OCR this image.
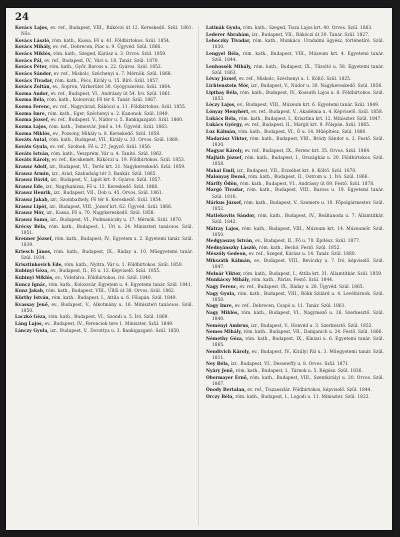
24

Kovács Lajos, ev. ref., Budapest, VIII., Rákóczi út 12. Kereskedő. Szül. 1861. Nős.

Kovács László, róm. kath., Kassa, Fő u. 41. Földbirtokos. Szül. 1854.

Kovács Mihály, ev. ref., Debrecen, Piac u. 9. Ügyvéd. Szül. 1866.

Kovács Miklós, róm. kath., Szeged, Kárász u. 3. Orvos. Szül. 1859.

Kovács Pál, ev. ref., Budapest, IV., Váci u. 18. Tanár. Szül. 1870.

Kovács Péter, róm. kath., Győr, Baross u. 22. Gyáros. Szül. 1852.

Kovács Sándor, ev. ref., Miskolc, Széchenyi u. 7. Mérnök. Szül. 1868.

Kovács Tivadar, róm. kath., Pécs, Király u. 15. Bíró. Szül. 1857.

Kovács Zoltán, ev., Sopron, Várkerület 30. Gyógyszerész. Szül. 1864.

Kozma Andor, ev. ref., Budapest, VI., Andrássy út 54. Író. Szül. 1861.

Kozma Béla, róm. kath., Kolozsvár, Fő tér 6. Tanár. Szül. 1867.

Kozma Ferenc, ev. ref., Nagyvárad, Rákóczi u. 11. Földbirtokos. Szül. 1855.

Kozma Imre, róm. kath., Eger, Széchenyi u. 2. Kanonok. Szül. 1849.

Kozma József, ev. ref., Budapest, V., Nádor u. 5. Bankigazgató. Szül. 1860.

Kozma Lajos, róm. kath., Temesvár, Jenő u. 14. Ügyvéd. Szül. 1863.

Kozma Miklós, ev., Pozsony, Mihály u. 8. Kereskedő. Szül. 1858.

Kováts Antal, róm. kath., Budapest, VII., Király u. 33. Orvos. Szül. 1869.

Kováts Gyula, ev. ref., Szolnok, Fő u. 27. Jegyző. Szül. 1856.

Kováts István, róm. kath., Veszprém, Vár u. 4. Tanító. Szül. 1862.

Kováts Károly, ev. ref., Kecskemét, Rákóczi u. 19. Földbirtokos. Szül. 1853.

Krausz Adolf, izr., Budapest, VI., Teréz krt. 21. Nagykereskedő. Szül. 1859.

Krausz Ármin, izr., Arad, Szabadság tér 3. Bankár. Szül. 1865.

Krausz Dávid, izr., Budapest, V., Lipót krt. 9. Gyáros. Szül. 1857.

Krausz Ede, izr., Nagykanizsa, Fő u. 12. Kereskedő. Szül. 1868.

Krausz Henrik, izr., Budapest, VII., Dob u. 45. Orvos. Szül. 1861.

Krausz Jakab, izr., Szombathely, Fő tér 8. Kereskedő. Szül. 1854.

Krausz Lipót, izr., Budapest, VIII., József krt. 62. Ügyvéd. Szül. 1866.

Krausz Mór, izr., Kassa, Fő u. 70. Nagykereskedő. Szül. 1858.

Krausz Samu, izr., Budapest, VI., Podmaniczky u. 17. Mérnök. Szül. 1870.

Krécsy Béla, róm. kath., Budapest, I., Úri u. 24. Miniszteri tanácsos. Szül. 1851.

Krenner József, róm. kath., Budapest, IV., Egyetem u. 2. Egyetemi tanár. Szül. 1839.

Kriesch János, róm. kath., Budapest, IX., Ráday u. 10. Műegyetemi tanár. Szül. 1834.

Krisztinkovich Ede, róm. kath., Nyitra, Vár u. 1. Földbirtokos. Szül. 1850.

Kubinyi Géza, ev., Budapest, II., Fő u. 13. Képviselő. Szül. 1855.

Kubinyi Miklós, ev., Videfalva. Földbirtokos, író. Szül. 1840.

Kuncz Ignác, róm. kath., Kolozsvár, Egyetem u. 4. Egyetemi tanár. Szül. 1841.

Kunz Jakab, róm. kath., Budapest, VIII., Üllői út 38. Orvos. Szül. 1862.

Kürthy István, róm. kath., Budapest, I., Attila u. 6. Főispán. Szül. 1849.

Kvassay Jenő, ev., Budapest, V., Alkotmány u. 16. Miniszteri tanácsos. Szül. 1850.

Laczkó Géza, róm. kath., Budapest, VI., Szondi u. 5. Író. Szül. 1869.

Láng Lajos, ev., Budapest, IV., Ferenciek tere 1. Miniszter. Szül. 1849.

Lánczy Gyula, izr., Budapest, V., Dorottya u. 3. Bankigazgató. Szül. 1850.

Latinák Gyula, róm. kath., Szeged, Tisza Lajos krt. 40. Orvos. Szül. 1863.

Lederer Ábrahám, izr., Budapest, VII., Rákóczi út 30. Tanár. Szül. 1827.

Lehoczky Tivadar, róm. kath., Munkács. Uradalmi ügyész, történetíró. Szül. 1830.

Lengyel Béla, róm. kath., Budapest, VIII., Múzeum krt. 4. Egyetemi tanár. Szül. 1844.

Lenhossék Mihály, róm. kath., Budapest, IX., Tűzoltó u. 58. Egyetemi tanár. Szül. 1863.

Lévay József, ev. ref., Miskolc, Széchenyi u. 1. Költő. Szül. 1825.

Lichtenstein Mór, izr., Budapest, V., Nádor u. 30. Nagykereskedő. Szül. 1856.

Lipthay Béla, róm. kath., Budapest, IV., Kossuth Lajos u. 8. Földbirtokos. Szül. 1853.

Lóczy Lajos, ev., Budapest, VIII., Múzeum krt. 6. Egyetemi tanár. Szül. 1849.

Lónyay Menyhért, ev. ref., Budapest, V., Akadémia u. 4. Képviselő. Szül. 1858.

Lukács Béla, róm. kath., Budapest, I., Krisztina krt. 12. Miniszter. Szül. 1847.

Lukács György, ev. ref., Budapest, II., Margit krt. 9. Főispán. Szül. 1865.

Lux Kálmán, róm. kath., Budapest, VI., Ó u. 14. Műépítész. Szül. 1880.

Madarász Viktor, róm. kath., Budapest, VIII., Bródy Sándor u. 2. Festő. Szül. 1830.

Magyar Károly, ev. ref., Budapest, IX., Ferenc krt. 35. Orvos. Szül. 1864.

Majláth József, róm. kath., Budapest, I., Országház u. 20. Földbirtokos. Szül. 1858.

Makai Emil, izr., Budapest, VII., Erzsébet krt. 8. Költő. Szül. 1870.

Malonyay Dezső, róm. kath., Budapest, II., Ostrom u. 1. Író. Szül. 1866.

Márffy Ödön, róm. kath., Budapest, VI., Andrássy út 69. Festő. Szül. 1878.

Margó Tivadar, róm. kath., Budapest, VIII., Baross u. 19. Egyetemi tanár. Szül. 1816.

Márkus József, róm. kath., Budapest, V., Szemere u. 10. Főpolgármester. Szül. 1852.

Matlekovits Sándor, róm. kath., Budapest, IV., Reáltanoda u. 7. Államtitkár. Szül. 1842.

Mátray Lajos, róm. kath., Budapest, VIII., Múzeum krt. 14. Múzeumőr. Szül. 1850.

Medgyaszay István, ev., Budapest, II., Fő u. 70. Építész. Szül. 1877.

Mednyánszky László, róm. kath., Beckó. Festő. Szül. 1852.

Mészöly Gedeon, ev. ref., Szeged, Kárász u. 14. Tanár. Szül. 1880.

Mikszáth Kálmán, ev., Budapest, VIII., Reviczky u. 7. Író, képviselő. Szül. 1847.

Molnár Viktor, róm. kath., Budapest, I., Attila krt. 31. Államtitkár. Szül. 1859.

Munkácsy Mihály, róm. kath., Párizs. Festő. Szül. 1844.

Nagy Ferenc, ev. ref., Budapest, IX., Ráday u. 28. Ügyvéd. Szül. 1865.

Nagy Gyula, róm. kath., Budapest, VIII., Rökk Szilárd u. 4. Levéltárnok. Szül. 1850.

Nagy Imre, ev. ref., Debrecen, Csapó u. 11. Tanár. Szül. 1861.

Nagy Miklós, róm. kath., Budapest, VI., Nagymező u. 16. Szerkesztő. Szül. 1840.

Neményi Ambrus, izr., Budapest, V., Honvéd u. 3. Szerkesztő. Szül. 1852.

Nemes Mihály, róm. kath., Budapest, VII., Damjanich u. 24. Festő. Szül. 1866.

Némethy Géza, róm. kath., Budapest, IX., Kinizsi u. 6. Egyetemi tanár. Szül. 1865.

Nendtvich Károly, ev., Budapest, IV., Királyi Pál u. 3. Műegyetemi tanár. Szül. 1811.

Ney Béla, izr., Budapest, VI., Dessewffy u. 8. Orvos. Szül. 1871.

Nyáry Jenő, róm. kath., Budapest, I., Tárnok u. 5. Régész. Szül. 1836.

Obermayer Ernő, róm. kath., Budapest, VIII., Szentkirályi u. 20. Orvos. Szül. 1867.

Ónody Bertalan, ev. ref., Tiszaeszlár. Földbirtokos, képviselő. Szül. 1844.

Orczy Béla, róm. kath., Budapest, I., Logodi u. 11. Miniszter. Szül. 1822.
